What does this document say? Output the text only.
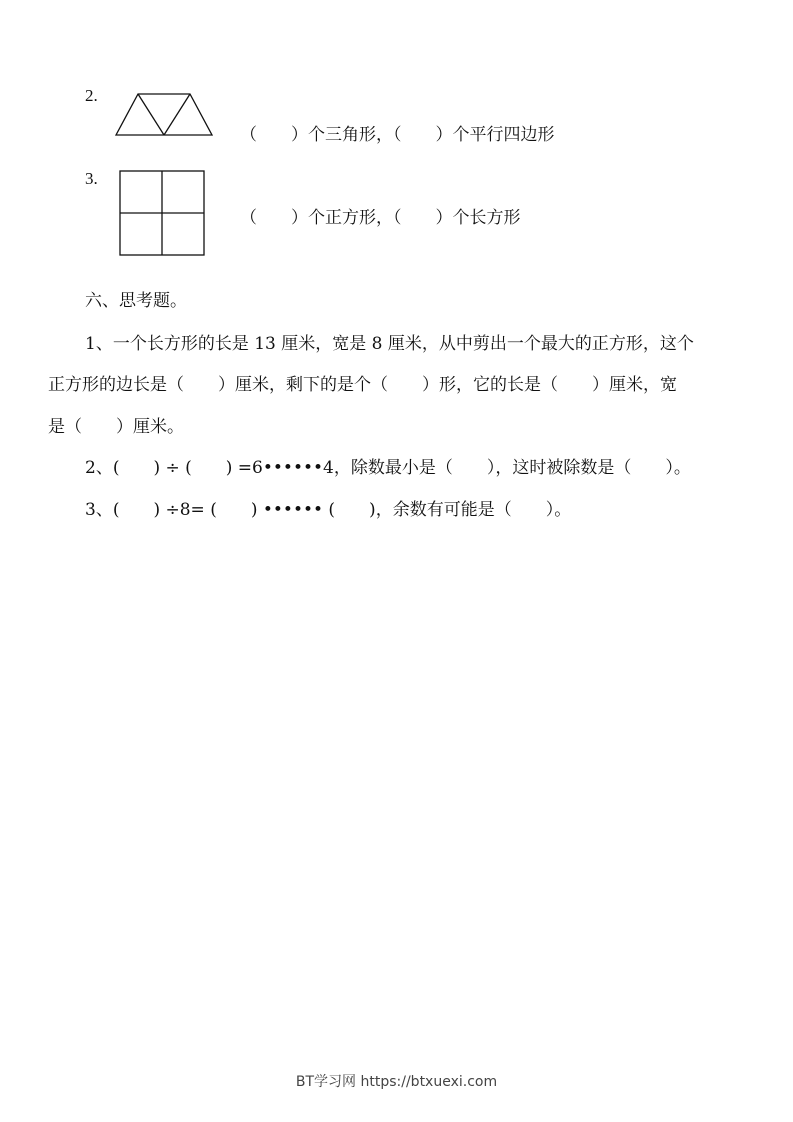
2.
（　　）个三角形，（　　）个平行四边形
3.
（　　）个正方形，（　　）个长方形
六、思考题。
1、一个长方形的长是 13 厘米，宽是 8 厘米，从中剪出一个最大的正方形，这个
正方形的边长是（　　）厘米，剩下的是个（　　）形，它的长是（　　）厘米，宽
是（　　）厘米。
2、(　　) ÷ (　　) =6••••••4，除数最小是（　　），这时被除数是（　　）。
3、(　　) ÷8= (　　) •••••• (　　)，余数有可能是（　　）。
BT学习网 https://btxuexi.com
